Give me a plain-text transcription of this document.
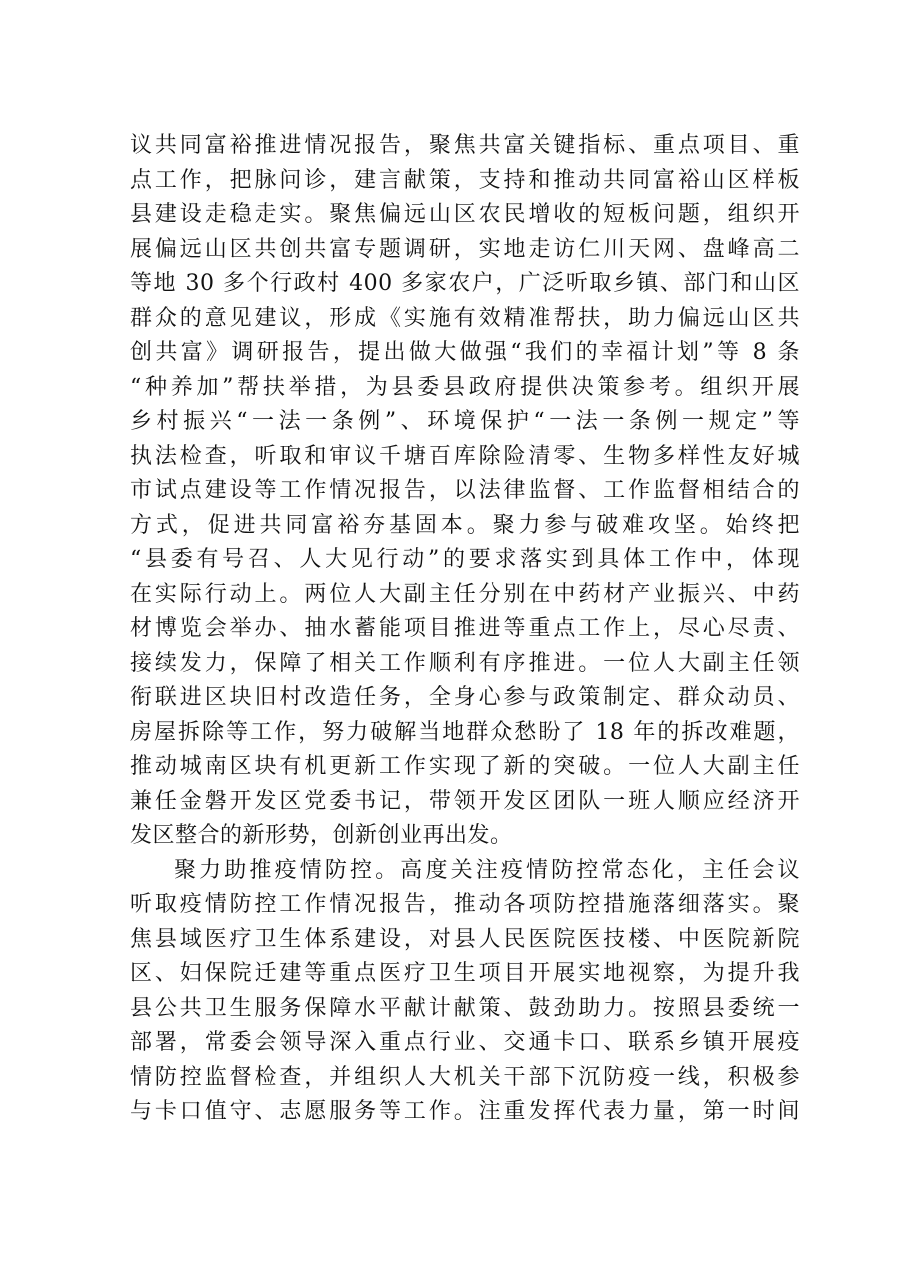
议共同富裕推进情况报告，聚焦共富关键指标、重点项目、重
点工作，把脉问诊，建言献策，支持和推动共同富裕山区样板
县建设走稳走实。聚焦偏远山区农民增收的短板问题，组织开
展偏远山区共创共富专题调研，实地走访仁川天网、盘峰高二
等地 30 多个行政村 400 多家农户，广泛听取乡镇、部门和山区
群众的意见建议，形成《实施有效精准帮扶，助力偏远山区共
创共富》调研报告，提出做大做强“我们的幸福计划”等 8 条
“种养加”帮扶举措，为县委县政府提供决策参考。组织开展
乡村振兴“一法一条例”、环境保护“一法一条例一规定”等
执法检查，听取和审议千塘百库除险清零、生物多样性友好城
市试点建设等工作情况报告，以法律监督、工作监督相结合的
方式，促进共同富裕夯基固本。聚力参与破难攻坚。始终把
“县委有号召、人大见行动”的要求落实到具体工作中，体现
在实际行动上。两位人大副主任分别在中药材产业振兴、中药
材博览会举办、抽水蓄能项目推进等重点工作上，尽心尽责、
接续发力，保障了相关工作顺利有序推进。一位人大副主任领
衔联进区块旧村改造任务，全身心参与政策制定、群众动员、
房屋拆除等工作，努力破解当地群众愁盼了 18 年的拆改难题，
推动城南区块有机更新工作实现了新的突破。一位人大副主任
兼任金磐开发区党委书记，带领开发区团队一班人顺应经济开
发区整合的新形势，创新创业再出发。
聚力助推疫情防控。高度关注疫情防控常态化，主任会议
听取疫情防控工作情况报告，推动各项防控措施落细落实。聚
焦县域医疗卫生体系建设，对县人民医院医技楼、中医院新院
区、妇保院迁建等重点医疗卫生项目开展实地视察，为提升我
县公共卫生服务保障水平献计献策、鼓劲助力。按照县委统一
部署，常委会领导深入重点行业、交通卡口、联系乡镇开展疫
情防控监督检查，并组织人大机关干部下沉防疫一线，积极参
与卡口值守、志愿服务等工作。注重发挥代表力量，第一时间
